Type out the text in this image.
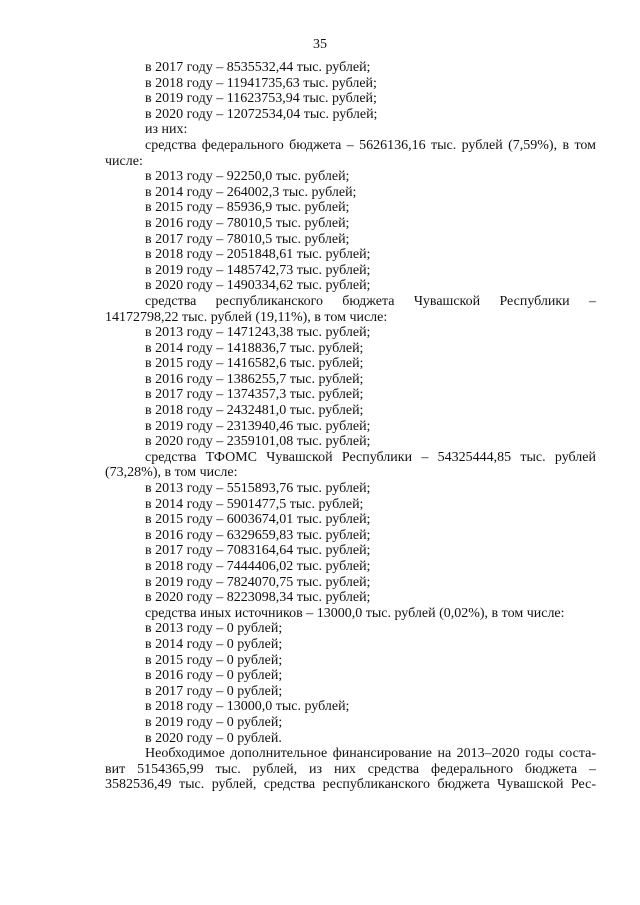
35
в 2017 году – 8535532,44 тыс. рублей;
в 2018 году – 11941735,63 тыс. рублей;
в 2019 году – 11623753,94 тыс. рублей;
в 2020 году – 12072534,04 тыс. рублей;
из них:
средства федерального бюджета – 5626136,16 тыс. рублей (7,59%), в том
числе:
в 2013 году – 92250,0 тыс. рублей;
в 2014 году – 264002,3 тыс. рублей;
в 2015 году – 85936,9 тыс. рублей;
в 2016 году – 78010,5 тыс. рублей;
в 2017 году – 78010,5 тыс. рублей;
в 2018 году – 2051848,61 тыс. рублей;
в 2019 году – 1485742,73 тыс. рублей;
в 2020 году – 1490334,62 тыс. рублей;
средства республиканского бюджета Чувашской Республики –
14172798,22 тыс. рублей (19,11%), в том числе:
в 2013 году – 1471243,38 тыс. рублей;
в 2014 году – 1418836,7 тыс. рублей;
в 2015 году – 1416582,6 тыс. рублей;
в 2016 году – 1386255,7 тыс. рублей;
в 2017 году – 1374357,3 тыс. рублей;
в 2018 году – 2432481,0 тыс. рублей;
в 2019 году – 2313940,46 тыс. рублей;
в 2020 году – 2359101,08 тыс. рублей;
средства ТФОМС Чувашской Республики – 54325444,85 тыс. рублей
(73,28%), в том числе:
в 2013 году – 5515893,76 тыс. рублей;
в 2014 году – 5901477,5 тыс. рублей;
в 2015 году – 6003674,01 тыс. рублей;
в 2016 году – 6329659,83 тыс. рублей;
в 2017 году – 7083164,64 тыс. рублей;
в 2018 году – 7444406,02 тыс. рублей;
в 2019 году – 7824070,75 тыс. рублей;
в 2020 году – 8223098,34 тыс. рублей;
средства иных источников – 13000,0 тыс. рублей (0,02%), в том числе:
в 2013 году – 0 рублей;
в 2014 году – 0 рублей;
в 2015 году – 0 рублей;
в 2016 году – 0 рублей;
в 2017 году – 0 рублей;
в 2018 году – 13000,0 тыс. рублей;
в 2019 году – 0 рублей;
в 2020 году – 0 рублей.
Необходимое дополнительное финансирование на 2013–2020 годы соста-
вит 5154365,99 тыс. рублей, из них средства федерального бюджета –
3582536,49 тыс. рублей, средства республиканского бюджета Чувашской Рес-
